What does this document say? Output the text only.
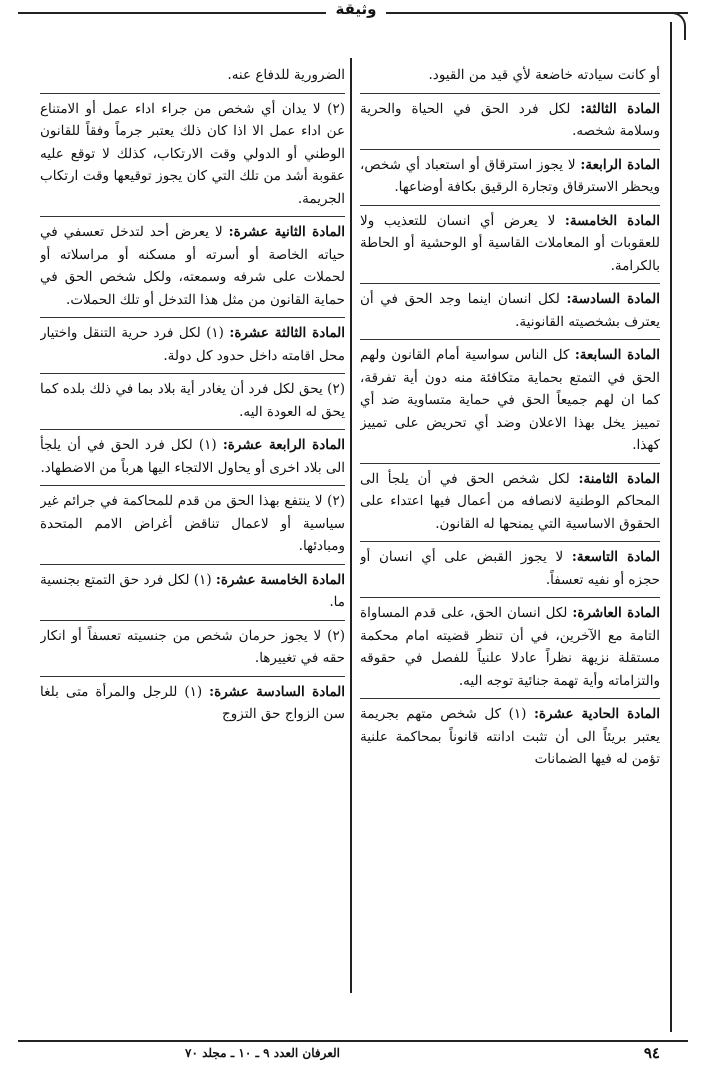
وثيقة

أو كانت سيادته خاضعة لأي قيد من القيود.

المادة الثالثة: لكل فرد الحق في الحياة والحرية وسلامة شخصه.

المادة الرابعة: لا يجوز استرقاق أو استعباد أي شخص، ويحظر الاسترقاق وتجارة الرقيق بكافة أوضاعها.

المادة الخامسة: لا يعرض أي انسان للتعذيب ولا للعقوبات أو المعاملات القاسية أو الوحشية أو الحاطة بالكرامة.

المادة السادسة: لكل انسان اينما وجد الحق في أن يعترف بشخصيته القانونية.

المادة السابعة: كل الناس سواسية أمام القانون ولهم الحق في التمتع بحماية متكافئة منه دون أية تفرقة، كما ان لهم جميعاً الحق في حماية متساوية ضد أي تمييز يخل بهذا الاعلان وضد أي تحريض على تمييز كهذا.

المادة الثامنة: لكل شخص الحق في أن يلجأ الى المحاكم الوطنية لانصافه من أعمال فيها اعتداء على الحقوق الاساسية التي يمنحها له القانون.

المادة التاسعة: لا يجوز القبض على أي انسان أو حجزه أو نفيه تعسفاً.

المادة العاشرة: لكل انسان الحق، على قدم المساواة التامة مع الآخرين، في أن تنظر قضيته امام محكمة مستقلة نزيهة نظراً عادلا علنياً للفصل في حقوقه والتزاماته وأية تهمة جنائية توجه اليه.

المادة الحادية عشرة: (١) كل شخص متهم بجريمة يعتبر بريئاً الى أن تثبت ادانته قانوناً بمحاكمة علنية تؤمن له فيها الضمانات

الضرورية للدفاع عنه.

(٢) لا يدان أي شخص من جراء اداء عمل أو الامتناع عن اداء عمل الا اذا كان ذلك يعتبر جرماً وفقاً للقانون الوطني أو الدولي وقت الارتكاب، كذلك لا توقع عليه عقوبة أشد من تلك التي كان يجوز توقيعها وقت ارتكاب الجريمة.

المادة الثانية عشرة: لا يعرض أحد لتدخل تعسفي في حياته الخاصة أو أسرته أو مسكنه أو مراسلاته أو لحملات على شرفه وسمعته، ولكل شخص الحق في حماية القانون من مثل هذا التدخل أو تلك الحملات.

المادة الثالثة عشرة: (١) لكل فرد حرية التنقل واختيار محل اقامته داخل حدود كل دولة.

(٢) يحق لكل فرد أن يغادر أية بلاد بما في ذلك بلده كما يحق له العودة اليه.

المادة الرابعة عشرة: (١) لكل فرد الحق في أن يلجأ الى بلاد اخرى أو يحاول الالتجاء اليها هرباً من الاضطهاد.

(٢) لا ينتفع بهذا الحق من قدم للمحاكمة في جرائم غير سياسية أو لاعمال تناقض أغراض الامم المتحدة ومبادئها.

المادة الخامسة عشرة: (١) لكل فرد حق التمتع بجنسية ما.

(٢) لا يجوز حرمان شخص من جنسيته تعسفاً أو انكار حقه في تغييرها.

المادة السادسة عشرة: (١) للرجل والمرأة متى بلغا سن الزواج حق التزوج

العرفان العدد ٩ ـ ١٠ ـ مجلد ٧٠	٩٤
